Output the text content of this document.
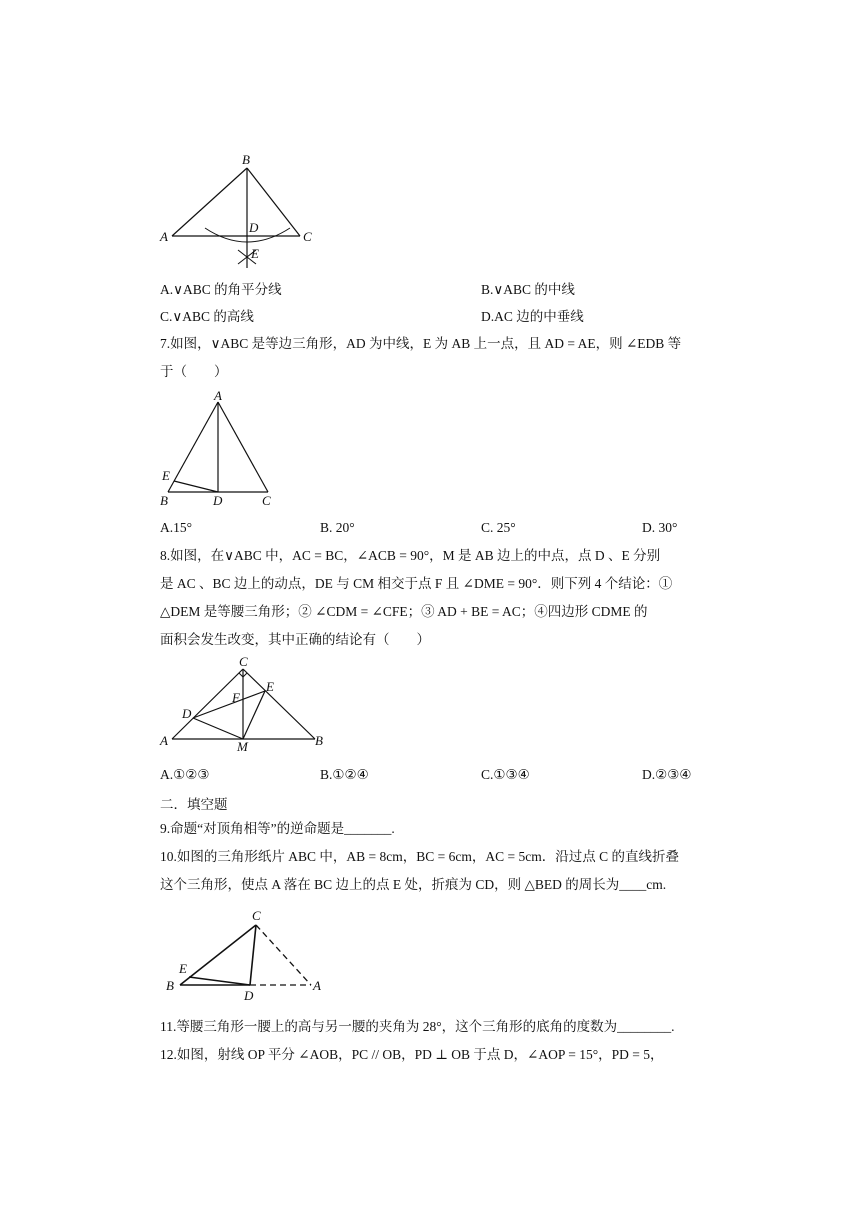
B
A	C
D
E
A.∨ABC 的角平分线	B.∨ABC 的中线
C.∨ABC 的高线	D.AC 边的中垂线
7.如图，∨ABC 是等边三角形，AD 为中线，E 为 AB 上一点，且 AD = AE，则 ∠EDB 等
于（　　）
A
E
B	D	C
A.15°	B. 20°	C. 25°	D. 30°
8.如图，在∨ABC 中，AC = BC，∠ACB = 90°，M 是 AB 边上的中点，点 D 、E 分别
是 AC 、BC 边上的动点，DE 与 CM 相交于点 F 且 ∠DME = 90°．则下列 4 个结论：①
△DEM 是等腰三角形；② ∠CDM = ∠CFE；③ AD + BE = AC；④四边形 CDME 的
面积会发生改变，其中正确的结论有（　　）
C
E
F
D
A	M	B
A.①②③	B.①②④	C.①③④	D.②③④
二．填空题
9.命题“对顶角相等”的逆命题是_______.
10.如图的三角形纸片 ABC 中，AB = 8cm，BC = 6cm，AC = 5cm．沿过点 C 的直线折叠
这个三角形，使点 A 落在 BC 边上的点 E 处，折痕为 CD，则 △BED 的周长为____cm.
C
E
B
D
A
11.等腰三角形一腰上的高与另一腰的夹角为 28°，这个三角形的底角的度数为________.
12.如图，射线 OP 平分 ∠AOB，PC // OB，PD ⊥ OB 于点 D，∠AOP = 15°，PD = 5，
